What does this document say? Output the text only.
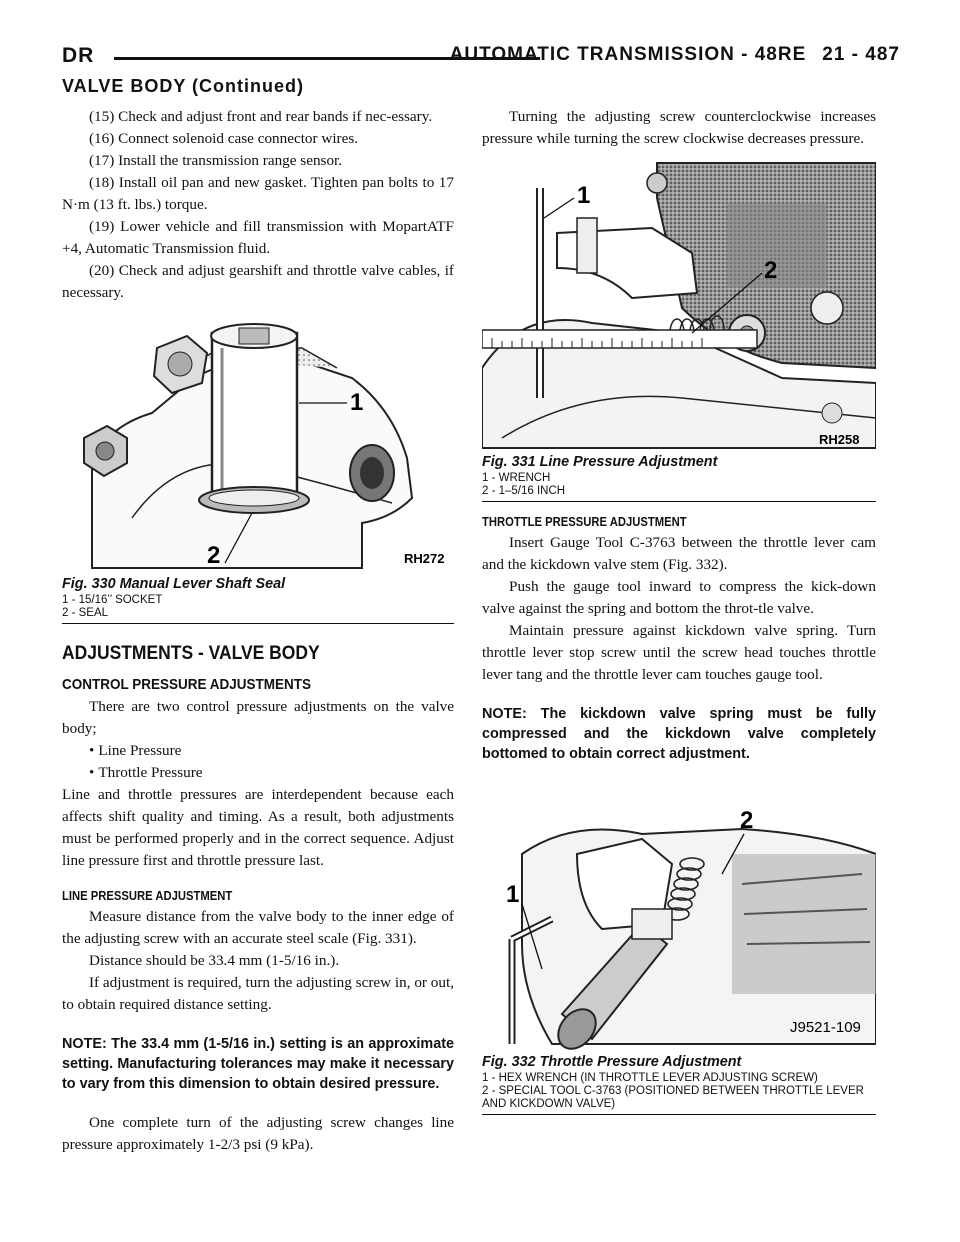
DR	AUTOMATIC TRANSMISSION - 48RE 21 - 487
VALVE BODY (Continued)

(15) Check and adjust front and rear bands if nec-essary.

(16) Connect solenoid case connector wires.

(17) Install the transmission range sensor.

(18) Install oil pan and new gasket. Tighten pan bolts to 17 N·m (13 ft. lbs.) torque.

(19) Lower vehicle and fill transmission with MopartATF +4, Automatic Transmission fluid.

(20) Check and adjust gearshift and throttle valve cables, if necessary.

1
2	RH272
Fig. 330 Manual Lever Shaft Seal
1 - 15/16’’ SOCKET
2 - SEAL
ADJUSTMENTS - VALVE BODY
CONTROL PRESSURE ADJUSTMENTS

There are two control pressure adjustments on the valve body;

• Line Pressure
• Throttle Pressure

Line and throttle pressures are interdependent because each affects shift quality and timing. As a result, both adjustments must be performed properly and in the correct sequence. Adjust line pressure first and throttle pressure last.

LINE PRESSURE ADJUSTMENT

Measure distance from the valve body to the inner edge of the adjusting screw with an accurate steel scale (Fig. 331).

Distance should be 33.4 mm (1-5/16 in.).

If adjustment is required, turn the adjusting screw in, or out, to obtain required distance setting.

NOTE: The 33.4 mm (1-5/16 in.) setting is an approximate setting. Manufacturing tolerances may make it necessary to vary from this dimension to obtain desired pressure.

One complete turn of the adjusting screw changes line pressure approximately 1-2/3 psi (9 kPa).

Turning the adjusting screw counterclockwise increases pressure while turning the screw clockwise decreases pressure.

1
2
RH258
Fig. 331 Line Pressure Adjustment
1 - WRENCH
2 - 1–5/16 INCH
THROTTLE PRESSURE ADJUSTMENT

Insert Gauge Tool C-3763 between the throttle lever cam and the kickdown valve stem (Fig. 332).

Push the gauge tool inward to compress the kick-down valve against the spring and bottom the throt-tle valve.

Maintain pressure against kickdown valve spring. Turn throttle lever stop screw until the screw head touches throttle lever tang and the throttle lever cam touches gauge tool.

NOTE: The kickdown valve spring must be fully compressed and the kickdown valve completely bottomed to obtain correct adjustment.

1
2
J9521-109
Fig. 332 Throttle Pressure Adjustment
1 - HEX WRENCH (IN THROTTLE LEVER ADJUSTING SCREW)
2 - SPECIAL TOOL C-3763 (POSITIONED BETWEEN THROTTLE LEVER AND KICKDOWN VALVE)
